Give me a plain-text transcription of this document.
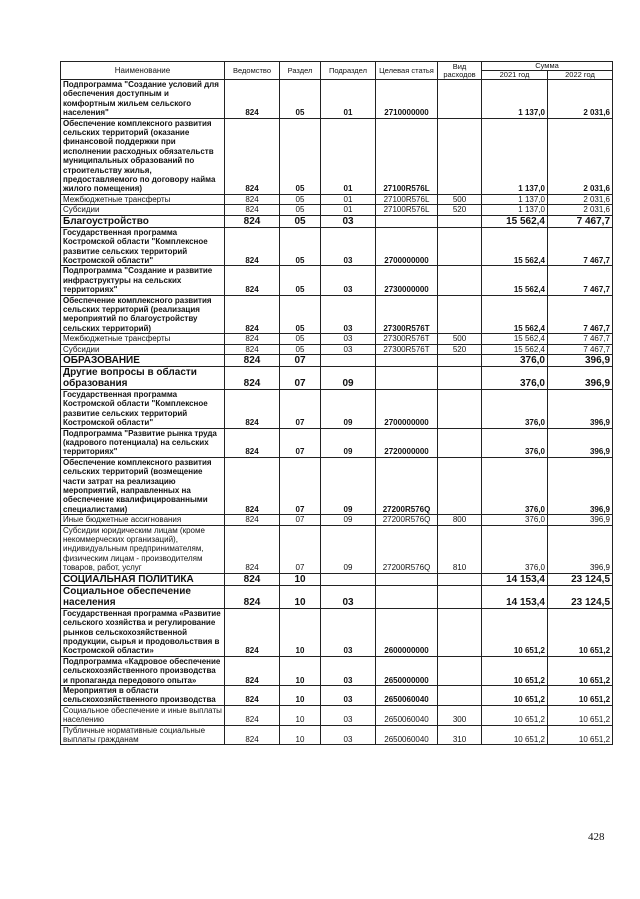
Наименование	Ведомство	Раздел	Подраздел	Целевая статья	Вид расходов	Сумма	
						2021 год	2022 год
Подпрограмма "Создание условий для обеспечения доступным и комфортным жильем сельского населения"	824	05	01	2710000000		1 137,0	2 031,6
Обеспечение комплексного развития сельских территорий (оказание финансовой поддержки при исполнении расходных обязательств муниципальных образований по строительству жилья, предоставляемого по договору найма жилого помещения)	824	05	01	27100R576L		1 137,0	2 031,6
Межбюджетные трансферты	824	05	01	27100R576L	500	1 137,0	2 031,6
Субсидии	824	05	01	27100R576L	520	1 137,0	2 031,6
Благоустройство	824	05	03			15 562,4	7 467,7
Государственная программа Костромской области "Комплексное развитие сельских территорий Костромской области"	824	05	03	2700000000		15 562,4	7 467,7
Подпрограмма "Создание и развитие инфраструктуры на сельских территориях"	824	05	03	2730000000		15 562,4	7 467,7
Обеспечение комплексного развития сельских территорий (реализация мероприятий по благоустройству сельских территорий)	824	05	03	27300R576T		15 562,4	7 467,7
Межбюджетные трансферты	824	05	03	27300R576T	500	15 562,4	7 467,7
Субсидии	824	05	03	27300R576T	520	15 562,4	7 467,7
ОБРАЗОВАНИЕ	824	07				376,0	396,9
Другие вопросы в области образования	824	07	09			376,0	396,9
Государственная программа Костромской области "Комплексное развитие сельских территорий Костромской области"	824	07	09	2700000000		376,0	396,9
Подпрограмма "Развитие рынка труда (кадрового потенциала) на сельских территориях"	824	07	09	2720000000		376,0	396,9
Обеспечение комплексного развития сельских территорий (возмещение части затрат на реализацию мероприятий, направленных на обеспечение квалифицированными специалистами)	824	07	09	27200R576Q		376,0	396,9
Иные бюджетные ассигнования	824	07	09	27200R576Q	800	376,0	396,9
Субсидии юридическим лицам (кроме некоммерческих организаций), индивидуальным предпринимателям, физическим лицам - производителям товаров, работ, услуг	824	07	09	27200R576Q	810	376,0	396,9
СОЦИАЛЬНАЯ ПОЛИТИКА	824	10				14 153,4	23 124,5
Социальное обеспечение населения	824	10	03			14 153,4	23 124,5
Государственная программа «Развитие сельского хозяйства и регулирование рынков сельскохозяйственной продукции, сырья и продовольствия в Костромской области»	824	10	03	2600000000		10 651,2	10 651,2
Подпрограмма «Кадровое обеспечение сельскохозяйственного производства и пропаганда передового опыта»	824	10	03	2650000000		10 651,2	10 651,2
Мероприятия в области сельскохозяйственного производства	824	10	03	2650060040		10 651,2	10 651,2
Социальное обеспечение и иные выплаты населению	824	10	03	2650060040	300	10 651,2	10 651,2
Публичные нормативные социальные выплаты гражданам	824	10	03	2650060040	310	10 651,2	10 651,2
428
